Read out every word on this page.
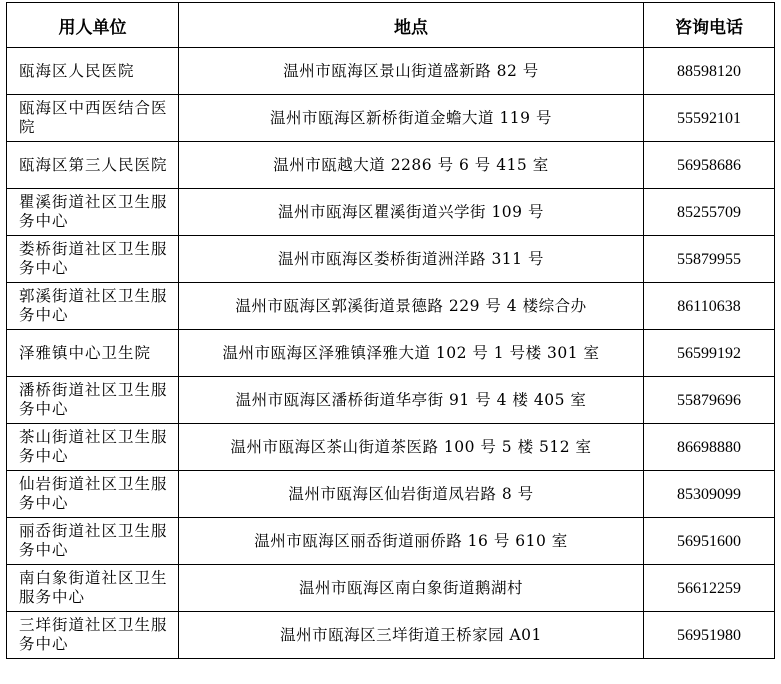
用人单位	地点	咨询电话
瓯海区人民医院	温州市瓯海区景山街道盛新路 82 号	88598120
瓯海区中西医结合医院	温州市瓯海区新桥街道金蟾大道 119 号	55592101
瓯海区第三人民医院	温州市瓯越大道 2286 号 6 号 415 室	56958686
瞿溪街道社区卫生服务中心	温州市瓯海区瞿溪街道兴学街 109 号	85255709
娄桥街道社区卫生服务中心	温州市瓯海区娄桥街道洲洋路 311 号	55879955
郭溪街道社区卫生服务中心	温州市瓯海区郭溪街道景德路 229 号 4 楼综合办	86110638
泽雅镇中心卫生院	温州市瓯海区泽雅镇泽雅大道 102 号 1 号楼 301 室	56599192
潘桥街道社区卫生服务中心	温州市瓯海区潘桥街道华亭街 91 号 4 楼 405 室	55879696
茶山街道社区卫生服务中心	温州市瓯海区茶山街道茶医路 100 号 5 楼 512 室	86698880
仙岩街道社区卫生服务中心	温州市瓯海区仙岩街道凤岩路 8 号	85309099
丽岙街道社区卫生服务中心	温州市瓯海区丽岙街道丽侨路 16 号 610 室	56951600
南白象街道社区卫生服务中心	温州市瓯海区南白象街道鹅湖村	56612259
三垟街道社区卫生服务中心	温州市瓯海区三垟街道王桥家园 A01	56951980
